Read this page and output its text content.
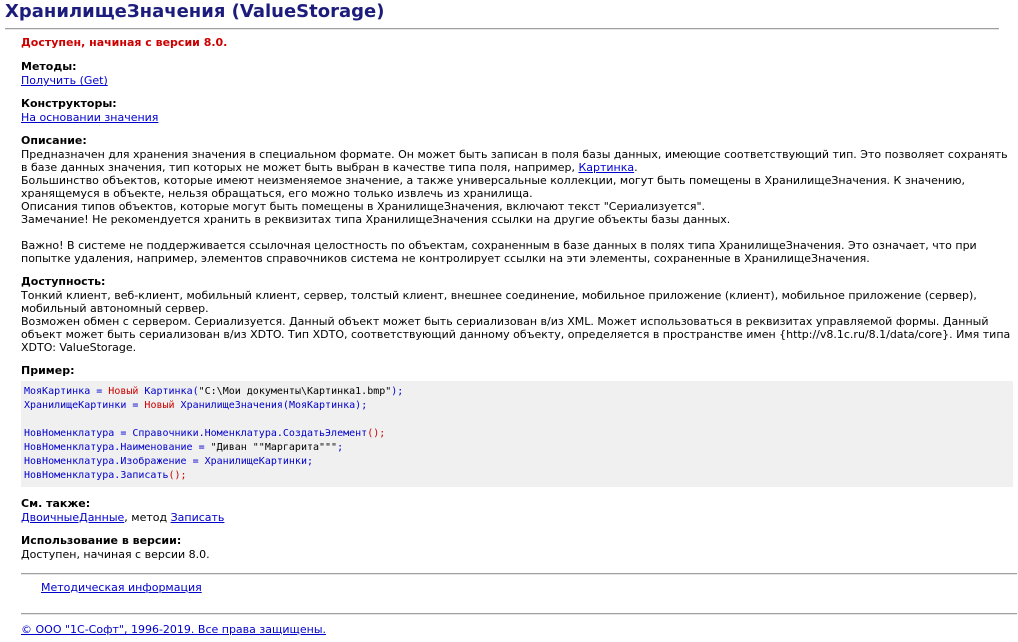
ХранилищеЗначения (ValueStorage)
Доступен, начиная с версии 8.0.
Методы:
Получить (Get)
Конструкторы:
На основании значения
Описание:

Предназначен для хранения значения в специальном формате. Он может быть записан в поля базы данных, имеющие соответствующий тип. Это позволяет сохранять в базе данных значения, тип которых не может быть выбран в качестве типа поля, например, Картинка.

Большинство объектов, которые имеют неизменяемое значение, а также универсальные коллекции, могут быть помещены в ХранилищеЗначения. К значению, хранящемуся в объекте, нельзя обращаться, его можно только извлечь из хранилища.

Описания типов объектов, которые могут быть помещены в ХранилищеЗначения, включают текст "Сериализуется".

Замечание! Не рекомендуется хранить в реквизитах типа ХранилищеЗначения ссылки на другие объекты базы данных.

Важно! В системе не поддерживается ссылочная целостность по объектам, сохраненным в базе данных в полях типа ХранилищеЗначения. Это означает, что при попытке удаления, например, элементов справочников система не контролирует ссылки на эти элементы, сохраненные в ХранилищеЗначения.

Доступность:

Тонкий клиент, веб-клиент, мобильный клиент, сервер, толстый клиент, внешнее соединение, мобильное приложение (клиент), мобильное приложение (сервер), мобильный автономный сервер.

Возможен обмен с сервером. Сериализуется. Данный объект может быть сериализован в/из XML. Может использоваться в реквизитах управляемой формы. Данный объект может быть сериализован в/из XDTO. Тип XDTO, соответствующий данному объекту, определяется в пространстве имен {http://v8.1c.ru/8.1/data/core}. Имя типа XDTO: ValueStorage.

Пример:
МояКартинка = Новый Картинка("C:\Мои документы\Картинка1.bmp");
ХранилищеКартинки = Новый ХранилищеЗначения(МояКартинка);
НовНоменклатура = Справочники.Номенклатура.СоздатьЭлемент();
НовНоменклатура.Наименование = "Диван ""Маргарита""";
НовНоменклатура.Изображение = ХранилищеКартинки;
НовНоменклатура.Записать();
См. также:
ДвоичныеДанные, метод Записать
Использование в версии:
Доступен, начиная с версии 8.0.
Методическая информация
© ООО "1С-Софт", 1996-2019. Все права защищены.
